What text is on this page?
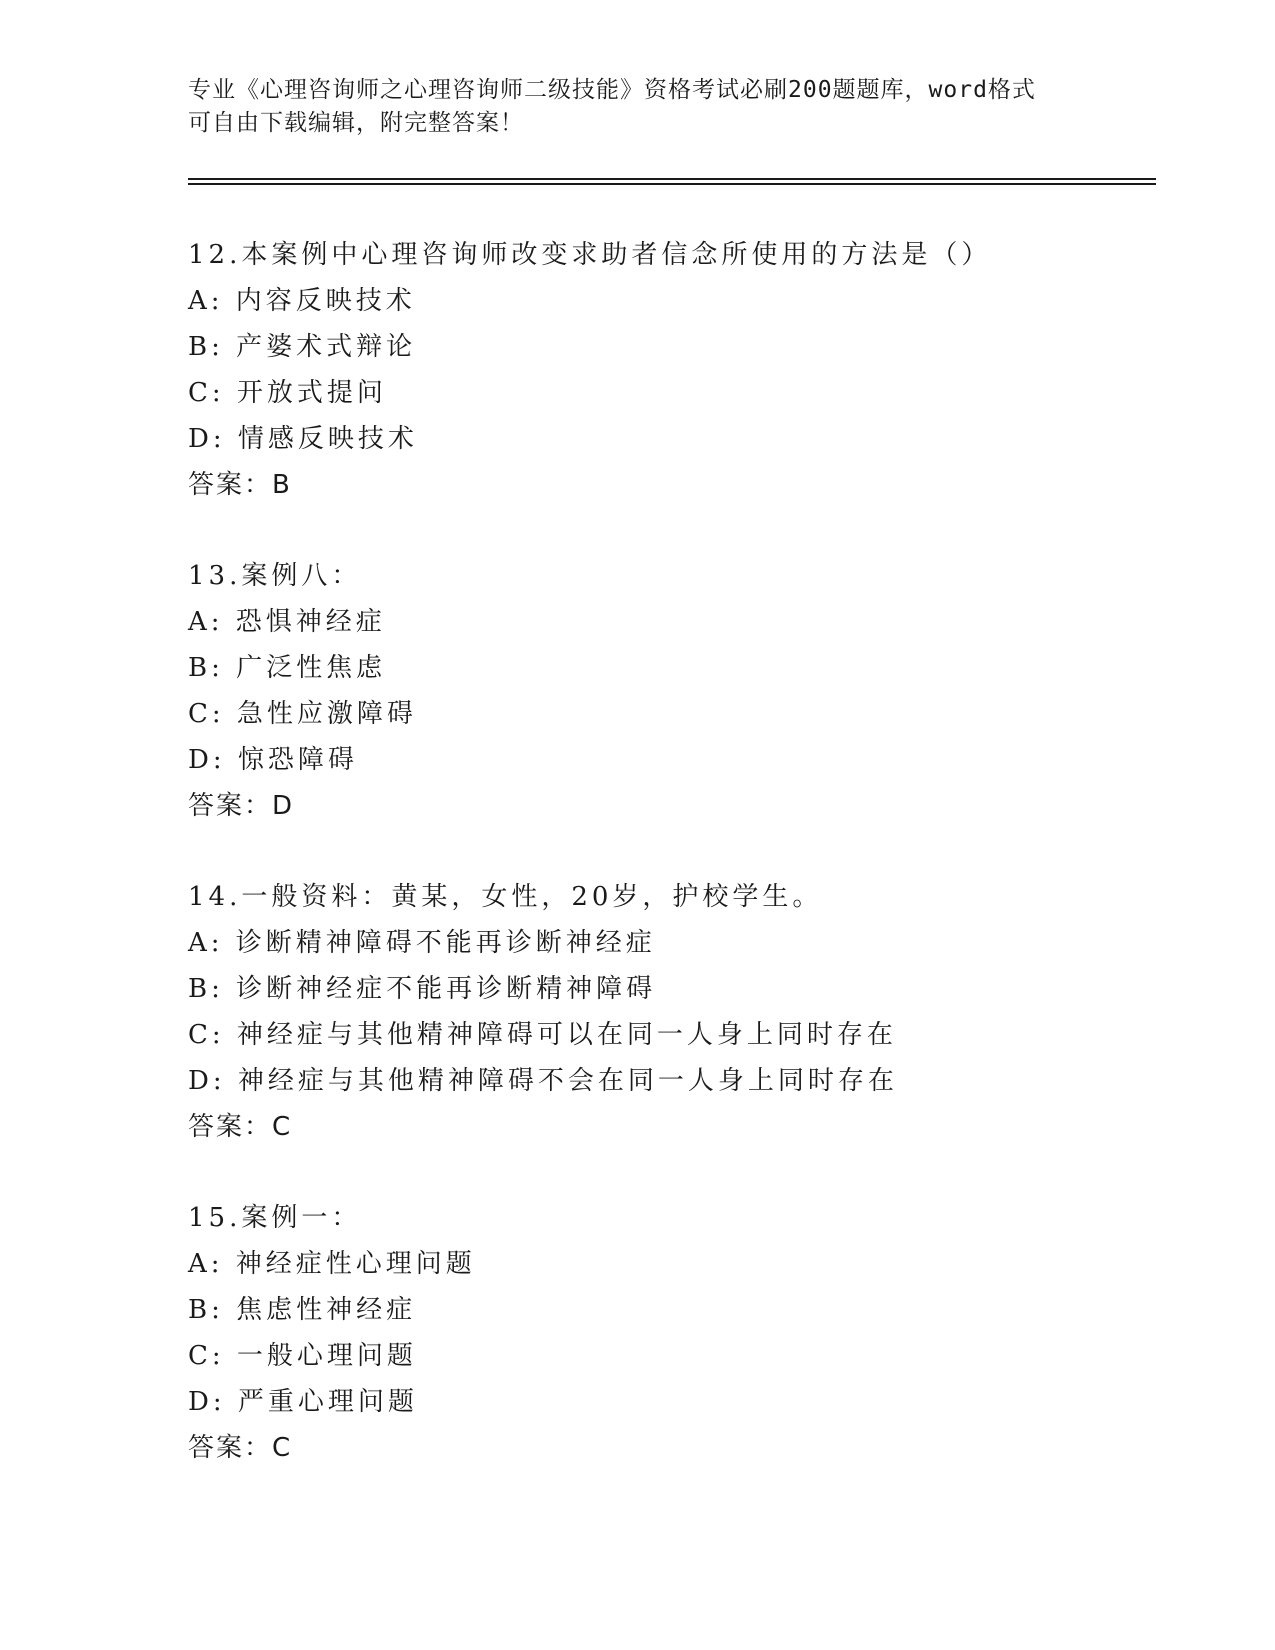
专业《心理咨询师之心理咨询师二级技能》资格考试必刷200题题库，word格式
可自由下载编辑，附完整答案！
12.本案例中心理咨询师改变求助者信念所使用的方法是（）
A: 内容反映技术
B: 产婆术式辩论
C: 开放式提问
D: 情感反映技术
答案：B
13.案例八：
A: 恐惧神经症
B: 广泛性焦虑
C: 急性应激障碍
D: 惊恐障碍
答案：D
14.一般资料：黄某，女性，20岁，护校学生。
A: 诊断精神障碍不能再诊断神经症
B: 诊断神经症不能再诊断精神障碍
C: 神经症与其他精神障碍可以在同一人身上同时存在
D: 神经症与其他精神障碍不会在同一人身上同时存在
答案：C
15.案例一：
A: 神经症性心理问题
B: 焦虑性神经症
C: 一般心理问题
D: 严重心理问题
答案：C
